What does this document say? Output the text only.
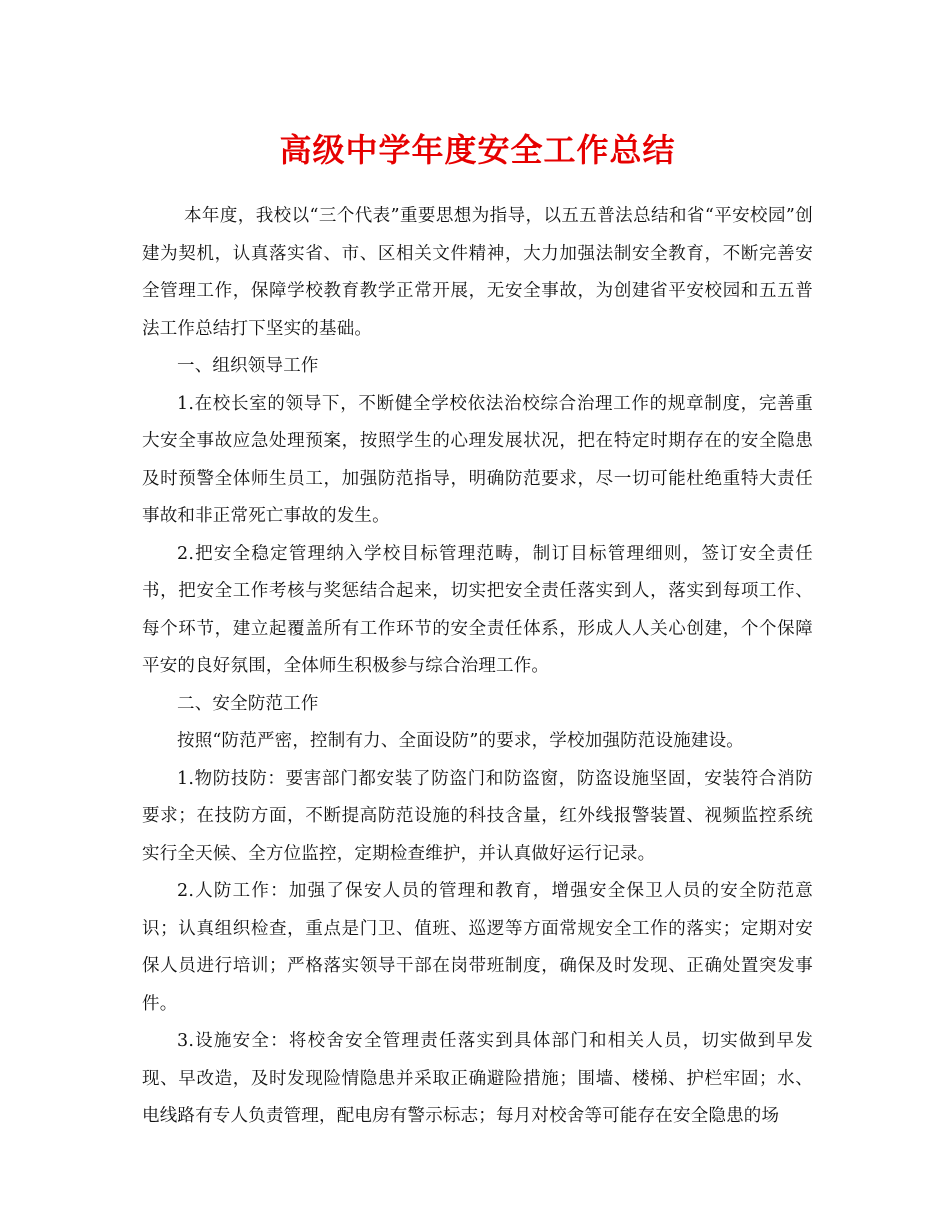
高级中学年度安全工作总结

本年度，我校以“三个代表”重要思想为指导，以五五普法总结和省“平安校园”创建为契机，认真落实省、市、区相关文件精神，大力加强法制安全教育，不断完善安全管理工作，保障学校教育教学正常开展，无安全事故，为创建省平安校园和五五普法工作总结打下坚实的基础。

一、组织领导工作

1.在校长室的领导下，不断健全学校依法治校综合治理工作的规章制度，完善重大安全事故应急处理预案，按照学生的心理发展状况，把在特定时期存在的安全隐患及时预警全体师生员工，加强防范指导，明确防范要求，尽一切可能杜绝重特大责任事故和非正常死亡事故的发生。

2.把安全稳定管理纳入学校目标管理范畴，制订目标管理细则，签订安全责任书，把安全工作考核与奖惩结合起来，切实把安全责任落实到人，落实到每项工作、每个环节，建立起覆盖所有工作环节的安全责任体系，形成人人关心创建，个个保障平安的良好氛围，全体师生积极参与综合治理工作。

二、安全防范工作

按照“防范严密，控制有力、全面设防”的要求，学校加强防范设施建设。

1.物防技防：要害部门都安装了防盗门和防盗窗，防盗设施坚固，安装符合消防要求；在技防方面，不断提高防范设施的科技含量，红外线报警装置、视频监控系统实行全天候、全方位监控，定期检查维护，并认真做好运行记录。

2.人防工作：加强了保安人员的管理和教育，增强安全保卫人员的安全防范意识；认真组织检查，重点是门卫、值班、巡逻等方面常规安全工作的落实；定期对安保人员进行培训；严格落实领导干部在岗带班制度，确保及时发现、正确处置突发事件。

3.设施安全：将校舍安全管理责任落实到具体部门和相关人员，切实做到早发现、早改造，及时发现险情隐患并采取正确避险措施；围墙、楼梯、护栏牢固；水、电线路有专人负责管理，配电房有警示标志；每月对校舍等可能存在安全隐患的场
